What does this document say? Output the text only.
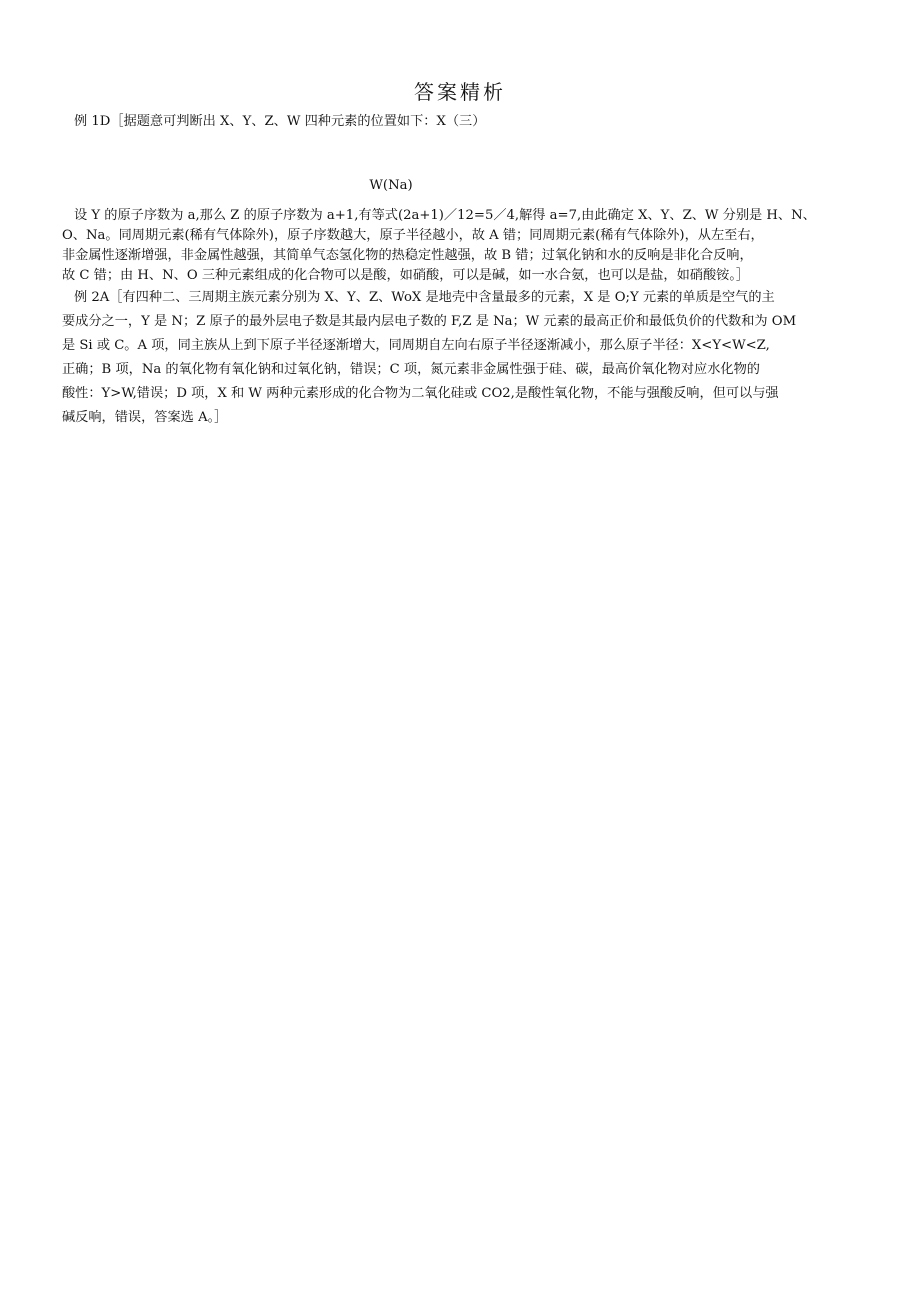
答案精析
例 1D［据题意可判断出 X、Y、Z、W 四种元素的位置如下：X（三）
W(Na)
设 Y 的原子序数为 a,那么 Z 的原子序数为 a+1,有等式(2a+1)／12=5／4,解得 a=7,由此确定 X、Y、Z、W 分别是 H、N、
O、Na。同周期元素(稀有气体除外)，原子序数越大，原子半径越小，故 A 错；同周期元素(稀有气体除外)，从左至右，
非金属性逐渐增强，非金属性越强，其简单气态氢化物的热稳定性越强，故 B 错；过氧化钠和水的反响是非化合反响，
故 C 错；由 H、N、O 三种元素组成的化合物可以是酸，如硝酸，可以是碱，如一水合氨，也可以是盐，如硝酸铵。］
例 2A［有四种二、三周期主族元素分别为 X、Y、Z、WoX 是地壳中含量最多的元素，X 是 O;Y 元素的单质是空气的主
要成分之一，Y 是 N；Z 原子的最外层电子数是其最内层电子数的 F,Z 是 Na；W 元素的最高正价和最低负价的代数和为 OM
是 Si 或 C。A 项，同主族从上到下原子半径逐渐增大，同周期自左向右原子半径逐渐减小，那么原子半径：X<Y<W<Z,
正确；B 项，Na 的氧化物有氧化钠和过氧化钠，错误；C 项，氮元素非金属性强于硅、碳，最高价氧化物对应水化物的
酸性：Y>W,错误；D 项，X 和 W 两种元素形成的化合物为二氧化硅或 CO2,是酸性氧化物，不能与强酸反响，但可以与强
碱反响，错误，答案选 A。］
